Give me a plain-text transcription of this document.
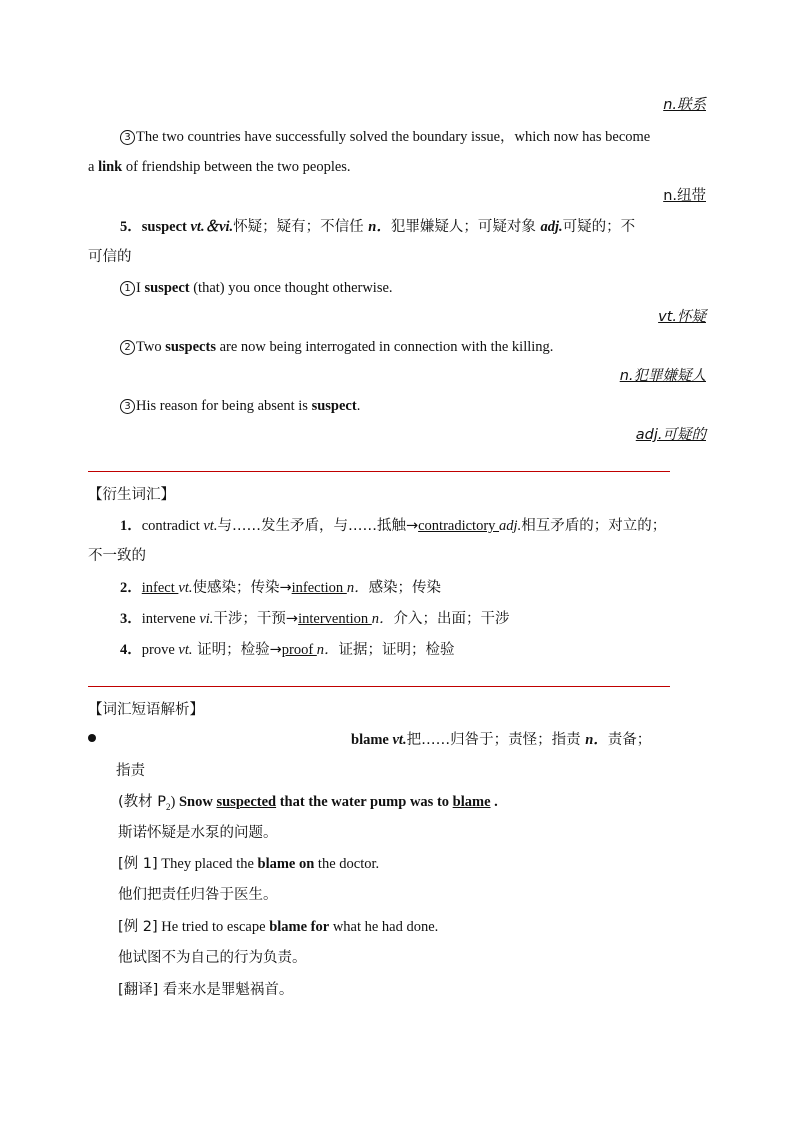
n.联系
3 The two countries have successfully solved the boundary issue，which now has become
a link of friendship between the two peoples.
n.纽带
5．suspect vt.＆vi.怀疑；疑有；不信任 n．犯罪嫌疑人；可疑对象 adj.可疑的；不
可信的
1 I suspect (that) you once thought otherwise.
vt.怀疑
2 Two suspects are now being interrogated in connection with the killing.
n.犯罪嫌疑人
3 His reason for being absent is suspect.
adj.可疑的
【衍生词汇】
1．contradict vt.与……发生矛盾，与……抵触→contradictory adj.相互矛盾的；对立的；
不一致的
2．infect vt.使感染；传染→infection n．感染；传染
3．intervene vi.干涉；干预→intervention n．介入；出面；干涉
4．prove vt. 证明；检验→proof n．证据；证明；检验
【词汇短语解析】
blame vt.把……归咎于；责怪；指责 n．责备；
指责
(教材 $P_2$) Snow suspected that the water pump was to blame .
斯诺怀疑是水泵的问题。
[例 1] They placed the blame on the doctor.
他们把责任归咎于医生。
[例 2] He tried to escape blame for what he had done.
他试图不为自己的行为负责。
[翻译] 看来水是罪魁祸首。
